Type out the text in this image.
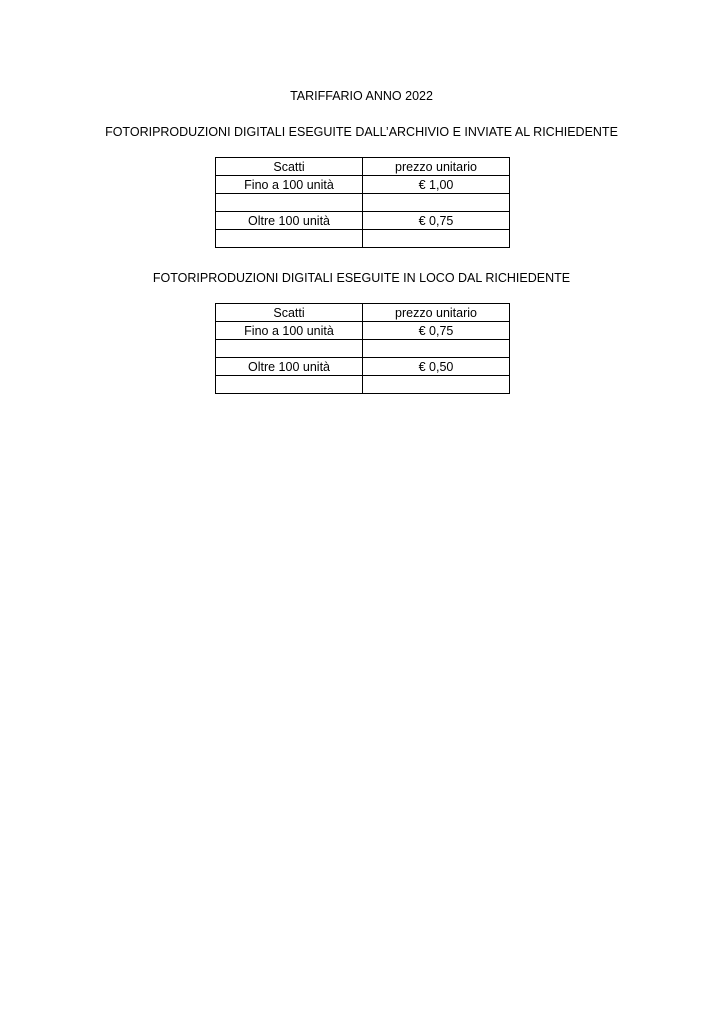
TARIFFARIO ANNO 2022
FOTORIPRODUZIONI DIGITALI ESEGUITE DALL’ARCHIVIO E INVIATE AL RICHIEDENTE
Scatti	prezzo unitario
Fino a 100 unità	€ 1,00

Oltre 100 unità	€ 0,75

FOTORIPRODUZIONI DIGITALI ESEGUITE IN LOCO DAL RICHIEDENTE
Scatti	prezzo unitario
Fino a 100 unità	€ 0,75

Oltre 100 unità	€ 0,50
